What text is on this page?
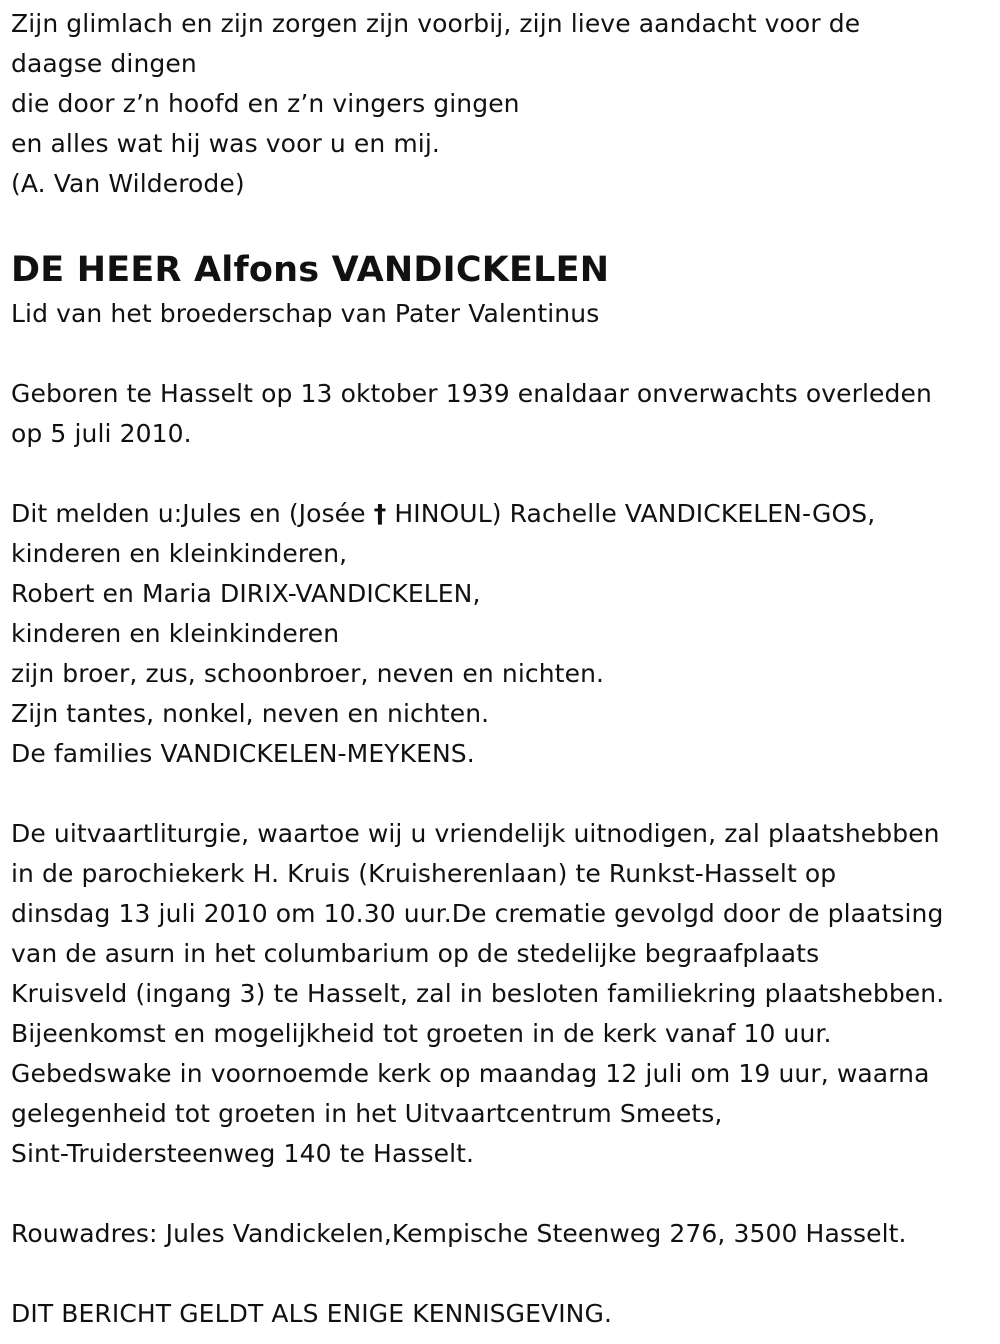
Zijn glimlach en zijn zorgen zijn voorbij, zijn lieve aandacht voor de
daagse dingen
die door z’n hoofd en z’n vingers gingen
en alles wat hij was voor u en mij.
(A. Van Wilderode)
DE HEER Alfons VANDICKELEN
Lid van het broederschap van Pater Valentinus
Geboren te Hasselt op 13 oktober 1939 enaldaar onverwachts overleden
op 5 juli 2010.
Dit melden u:Jules en (Josée † HINOUL) Rachelle VANDICKELEN-GOS,
kinderen en kleinkinderen,
Robert en Maria DIRIX-VANDICKELEN,
kinderen en kleinkinderen
zijn broer, zus, schoonbroer, neven en nichten.
Zijn tantes, nonkel, neven en nichten.
De families VANDICKELEN-MEYKENS.
De uitvaartliturgie, waartoe wij u vriendelijk uitnodigen, zal plaatshebben
in de parochiekerk H. Kruis (Kruisherenlaan) te Runkst-Hasselt op
dinsdag 13 juli 2010 om 10.30 uur.De crematie gevolgd door de plaatsing
van de asurn in het columbarium op de stedelijke begraafplaats
Kruisveld (ingang 3) te Hasselt, zal in besloten familiekring plaatshebben.
Bijeenkomst en mogelijkheid tot groeten in de kerk vanaf 10 uur.
Gebedswake in voornoemde kerk op maandag 12 juli om 19 uur, waarna
gelegenheid tot groeten in het Uitvaartcentrum Smeets,
Sint-Truidersteenweg 140 te Hasselt.
Rouwadres: Jules Vandickelen,Kempische Steenweg 276, 3500 Hasselt.
DIT BERICHT GELDT ALS ENIGE KENNISGEVING.
